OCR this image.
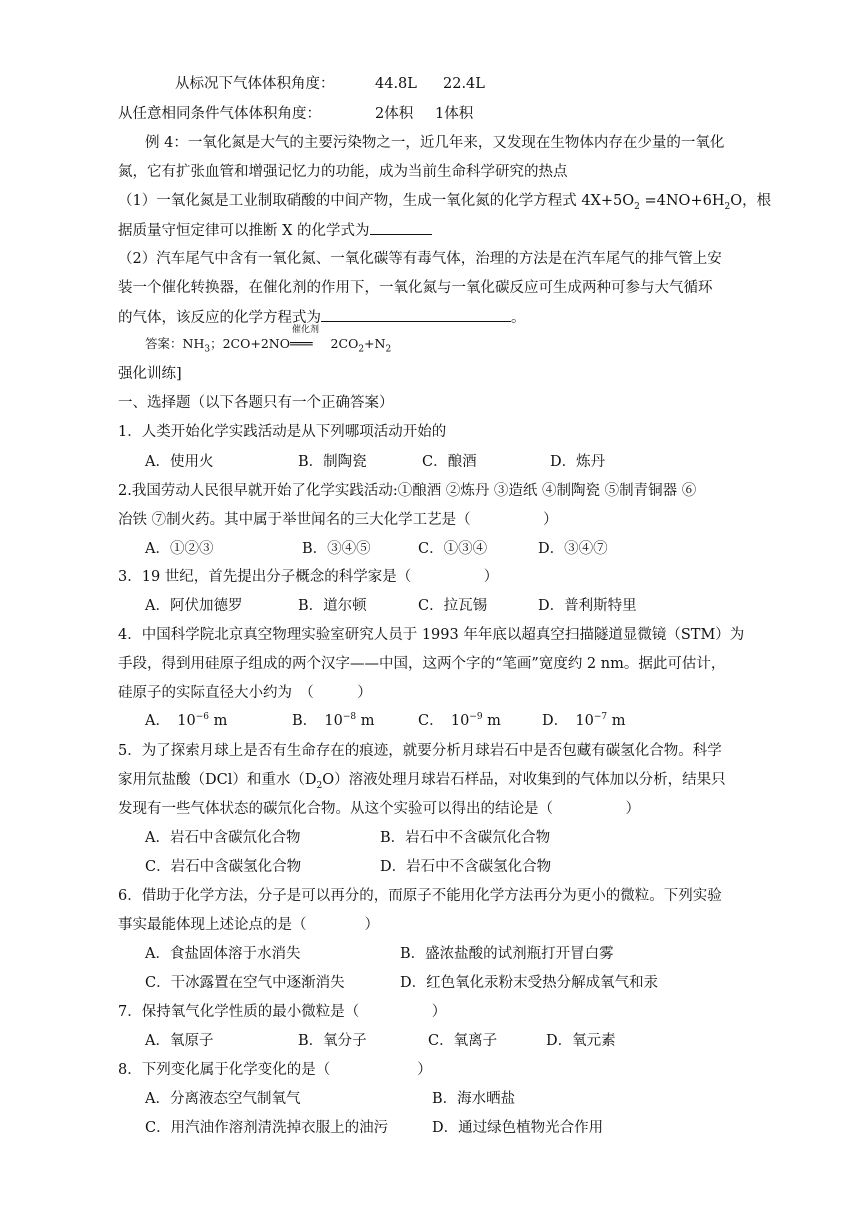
从标况下气体体积角度：	44.8L 22.4L
从任意相同条件气体体积角度：	2体积 1体积
例 4：一氧化氮是大气的主要污染物之一，近几年来，又发现在生物体内存在少量的一氧化
氮，它有扩张血管和增强记忆力的功能，成为当前生命科学研究的热点
（1）一氧化氮是工业制取硝酸的中间产物，生成一氧化氮的化学方程式 $4X+5O_2 =4NO+6H_2O$，根
据质量守恒定律可以推断 X 的化学式为
（2）汽车尾气中含有一氧化氮、一氧化碳等有毒气体，治理的方法是在汽车尾气的排气管上安
装一个催化转换器，在催化剂的作用下，一氧化氮与一氧化碳反应可生成两种可参与大气循环
的气体，该反应的化学方程式为	。
答案：$NH_3$；2CO+2NO
催化剂
═══ $2CO_2+N_2$
强化训练]
一、选择题（以下各题只有一个正确答案）
1．人类开始化学实践活动是从下列哪项活动开始的
A．使用火	B．制陶瓷	C．酿酒	D．炼丹
2.我国劳动人民很早就开始了化学实践活动:①酿酒 ②炼丹 ③造纸 ④制陶瓷 ⑤制青铜器 ⑥
冶铁 ⑦制火药。其中属于举世闻名的三大化学工艺是（　　　　　）
A．①②③	B．③④⑤	C．①③④	D．③④⑦
3．19 世纪，首先提出分子概念的科学家是（　　　　　）
A．阿伏加德罗	B．道尔顿	C．拉瓦锡	D．普利斯特里
4．中国科学院北京真空物理实验室研究人员于 1993 年年底以超真空扫描隧道显微镜（STM）为
手段，得到用硅原子组成的两个汉字——中国，这两个字的“笔画”宽度约 2 nm。据此可估计，
硅原子的实际直径大小约为　（　　　）
A．　$10^{-6}$ m	B．　$10^{-8}$ m	C．　$10^{-9}$ m	D．　$10^{-7}$ m
5．为了探索月球上是否有生命存在的痕迹，就要分析月球岩石中是否包藏有碳氢化合物。科学
家用氘盐酸（DCl）和重水$(D_2O)$溶液处理月球岩石样品，对收集到的气体加以分析，结果只
发现有一些气体状态的碳氘化合物。从这个实验可以得出的结论是（　　　　　）
A．岩石中含碳氘化合物	B．岩石中不含碳氘化合物
C．岩石中含碳氢化合物	D．岩石中不含碳氢化合物
6．借助于化学方法，分子是可以再分的，而原子不能用化学方法再分为更小的微粒。下列实验
事实最能体现上述论点的是（　　　　）
A．食盐固体溶于水消失	B．盛浓盐酸的试剂瓶打开冒白雾
C．干冰露置在空气中逐渐消失	D．红色氧化汞粉末受热分解成氧气和汞
7．保持氧气化学性质的最小微粒是（　　　　　）
A．氧原子	B．氧分子	C．氧离子	D．氧元素
8．下列变化属于化学变化的是（　　　　　　）
A．分离液态空气制氧气	B．海水晒盐
C．用汽油作溶剂清洗掉衣服上的油污	D．通过绿色植物光合作用
